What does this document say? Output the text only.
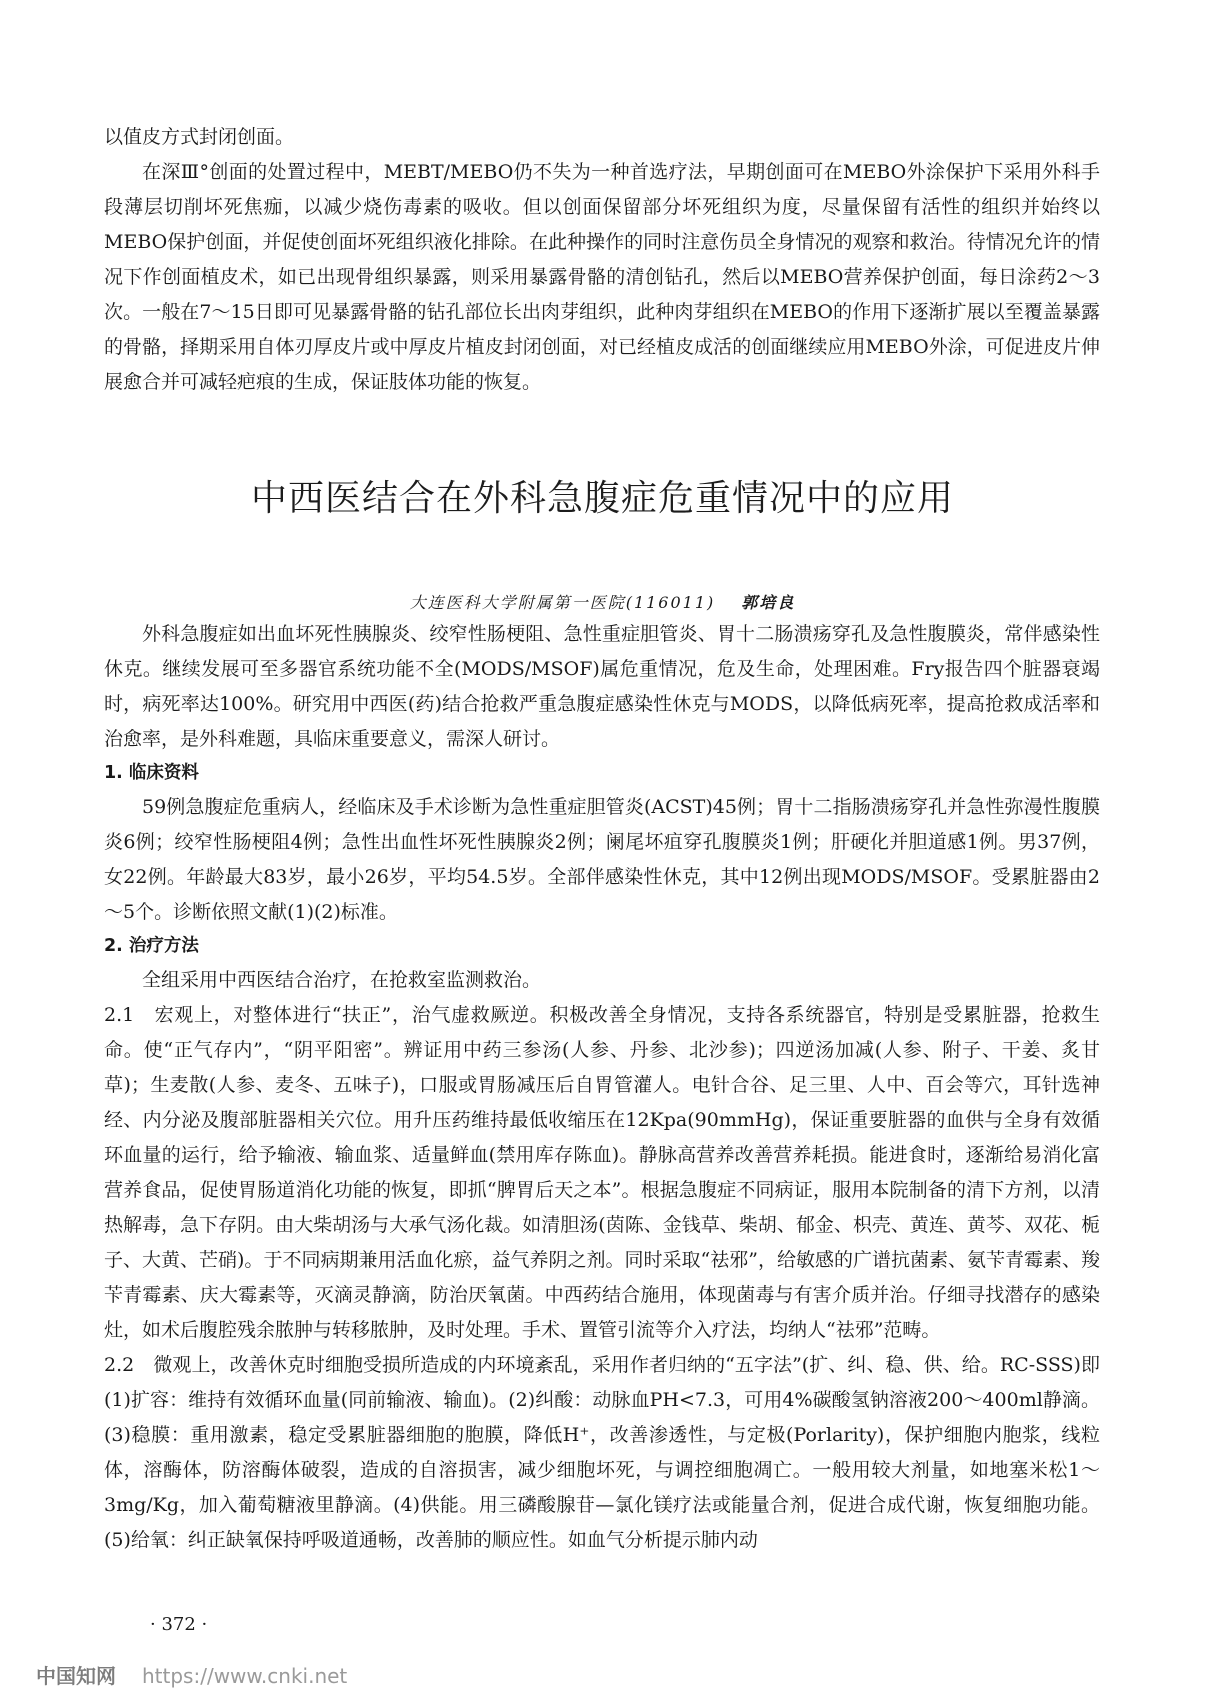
以值皮方式封闭创面。

在深Ⅲ°创面的处置过程中，MEBT/MEBO仍不失为一种首选疗法，早期创面可在MEBO外涂保护下采用外科手段薄层切削坏死焦痂，以减少烧伤毒素的吸收。但以创面保留部分坏死组织为度，尽量保留有活性的组织并始终以MEBO保护创面，并促使创面坏死组织液化排除。在此种操作的同时注意伤员全身情况的观察和救治。待情况允许的情况下作创面植皮术，如已出现骨组织暴露，则采用暴露骨骼的清创钻孔，然后以MEBO营养保护创面，每日涂药2～3次。一般在7～15日即可见暴露骨骼的钻孔部位长出肉芽组织，此种肉芽组织在MEBO的作用下逐渐扩展以至覆盖暴露的骨骼，择期采用自体刃厚皮片或中厚皮片植皮封闭创面，对已经植皮成活的创面继续应用MEBO外涂，可促进皮片伸展愈合并可减轻疤痕的生成，保证肢体功能的恢复。

中西医结合在外科急腹症危重情况中的应用
大连医科大学附属第一医院(116011) 郭培良

外科急腹症如出血坏死性胰腺炎、绞窄性肠梗阻、急性重症胆管炎、胃十二肠溃疡穿孔及急性腹膜炎，常伴感染性休克。继续发展可至多器官系统功能不全(MODS/MSOF)属危重情况，危及生命，处理困难。Fry报告四个脏器衰竭时，病死率达100%。研究用中西医(药)结合抢救严重急腹症感染性休克与MODS，以降低病死率，提高抢救成活率和治愈率，是外科难题，具临床重要意义，需深人研讨。

1. 临床资料

59例急腹症危重病人，经临床及手术诊断为急性重症胆管炎(ACST)45例；胃十二指肠溃疡穿孔并急性弥漫性腹膜炎6例；绞窄性肠梗阻4例；急性出血性坏死性胰腺炎2例；阑尾坏疽穿孔腹膜炎1例；肝硬化并胆道感1例。男37例，女22例。年龄最大83岁，最小26岁，平均54.5岁。全部伴感染性休克，其中12例出现MODS/MSOF。受累脏器由2～5个。诊断依照文献(1)(2)标准。

2. 治疗方法

全组采用中西医结合治疗，在抢救室监测救治。

2.1　宏观上，对整体进行“扶正”，治气虚救厥逆。积极改善全身情况，支持各系统器官，特别是受累脏器，抢救生命。使“正气存内”，“阴平阳密”。辨证用中药三参汤(人参、丹参、北沙参)；四逆汤加减(人参、附子、干姜、炙甘草)；生麦散(人参、麦冬、五味子)，口服或胃肠减压后自胃管灌人。电针合谷、足三里、人中、百会等穴，耳针选神经、内分泌及腹部脏器相关穴位。用升压药维持最低收缩压在12Kpa(90mmHg)，保证重要脏器的血供与全身有效循环血量的运行，给予输液、输血浆、适量鲜血(禁用库存陈血)。静脉高营养改善营养耗损。能进食时，逐渐给易消化富营养食品，促使胃肠道消化功能的恢复，即抓“脾胃后天之本”。根据急腹症不同病证，服用本院制备的清下方剂，以清热解毒，急下存阴。由大柴胡汤与大承气汤化裁。如清胆汤(茵陈、金钱草、柴胡、郁金、枳壳、黄连、黄芩、双花、栀子、大黄、芒硝)。于不同病期兼用活血化瘀，益气养阴之剂。同时采取“祛邪”，给敏感的广谱抗菌素、氨苄青霉素、羧苄青霉素、庆大霉素等，灭滴灵静滴，防治厌氧菌。中西药结合施用，体现菌毒与有害介质并治。仔细寻找潜存的感染灶，如术后腹腔残余脓肿与转移脓肿，及时处理。手术、置管引流等介入疗法，均纳人“祛邪”范畴。

2.2　微观上，改善休克时细胞受损所造成的内环境紊乱，采用作者归纳的“五字法”(扩、纠、稳、供、给。RC-SSS)即(1)扩容：维持有效循环血量(同前输液、输血)。(2)纠酸：动脉血PH<7.3，可用4%碳酸氢钠溶液200～400ml静滴。(3)稳膜：重用激素，稳定受累脏器细胞的胞膜，降低H⁺，改善渗透性，与定极(Porlarity)，保护细胞内胞浆，线粒体，溶酶体，防溶酶体破裂，造成的自溶损害，减少细胞坏死，与调控细胞凋亡。一般用较大剂量，如地塞米松1～3mg/Kg，加入葡萄糖液里静滴。(4)供能。用三磷酸腺苷—氯化镁疗法或能量合剂，促进合成代谢，恢复细胞功能。(5)给氧：纠正缺氧保持呼吸道通畅，改善肺的顺应性。如血气分析提示肺内动

· 372 ·
中国知网 https://www.cnki.net
